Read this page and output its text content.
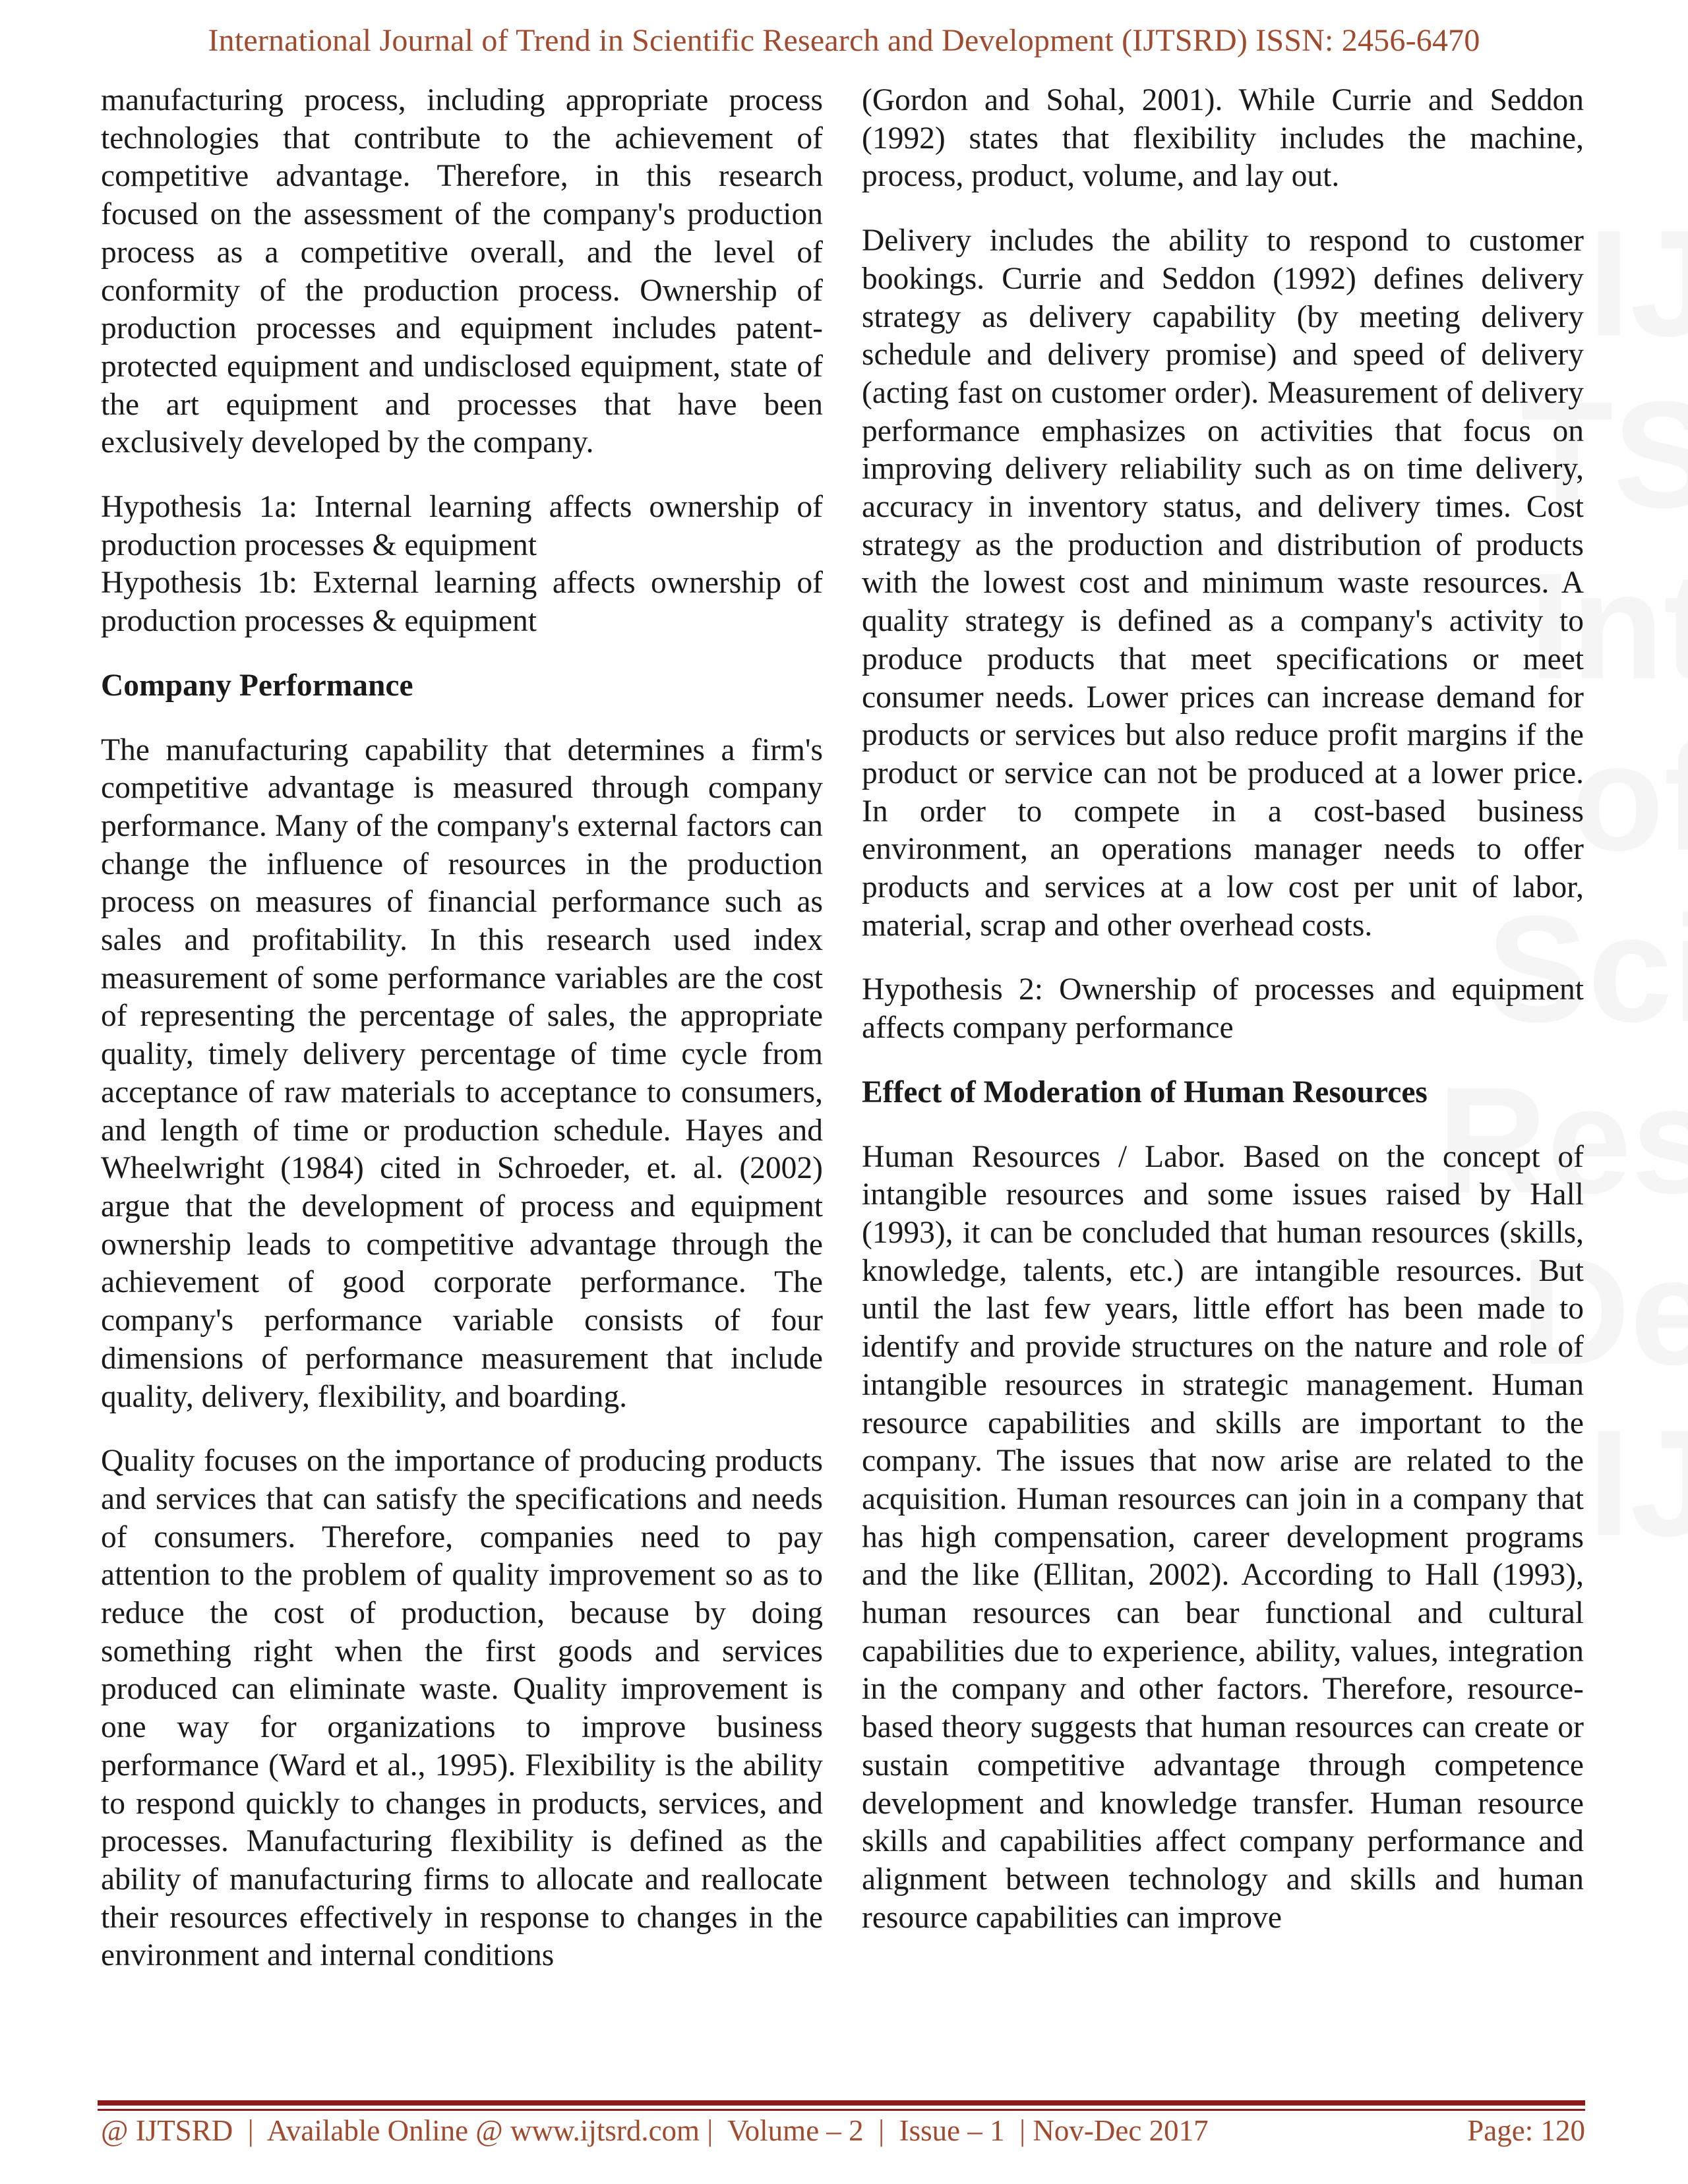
International Journal of Trend in Scientific Research and Development (IJTSRD) ISSN: 2456-6470

manufacturing process, including appropriate process technologies that contribute to the achievement of competitive advantage. Therefore, in this research focused on the assessment of the company's production process as a competitive overall, and the level of conformity of the production process. Ownership of production processes and equipment includes patent-protected equipment and undisclosed equipment, state of the art equipment and processes that have been exclusively developed by the company.

Hypothesis 1a: Internal learning affects ownership of production processes & equipment

Hypothesis 1b: External learning affects ownership of production processes & equipment

Company Performance

The manufacturing capability that determines a firm's competitive advantage is measured through company performance. Many of the company's external factors can change the influence of resources in the production process on measures of financial performance such as sales and profitability. In this research used index measurement of some performance variables are the cost of representing the percentage of sales, the appropriate quality, timely delivery percentage of time cycle from acceptance of raw materials to acceptance to consumers, and length of time or production schedule. Hayes and Wheelwright (1984) cited in Schroeder, et. al. (2002) argue that the development of process and equipment ownership leads to competitive advantage through the achievement of good corporate performance. The company's performance variable consists of four dimensions of performance measurement that include quality, delivery, flexibility, and boarding.

Quality focuses on the importance of producing products and services that can satisfy the specifications and needs of consumers. Therefore, companies need to pay attention to the problem of quality improvement so as to reduce the cost of production, because by doing something right when the first goods and services produced can eliminate waste. Quality improvement is one way for organizations to improve business performance (Ward et al., 1995). Flexibility is the ability to respond quickly to changes in products, services, and processes. Manufacturing flexibility is defined as the ability of manufacturing firms to allocate and reallocate their resources effectively in response to changes in the environment and internal conditions

(Gordon and Sohal, 2001). While Currie and Seddon (1992) states that flexibility includes the machine, process, product, volume, and lay out.

Delivery includes the ability to respond to customer bookings. Currie and Seddon (1992) defines delivery strategy as delivery capability (by meeting delivery schedule and delivery promise) and speed of delivery (acting fast on customer order). Measurement of delivery performance emphasizes on activities that focus on improving delivery reliability such as on time delivery, accuracy in inventory status, and delivery times. Cost strategy as the production and distribution of products with the lowest cost and minimum waste resources. A quality strategy is defined as a company's activity to produce products that meet specifications or meet consumer needs. Lower prices can increase demand for products or services but also reduce profit margins if the product or service can not be produced at a lower price. In order to compete in a cost-based business environment, an operations manager needs to offer products and services at a low cost per unit of labor, material, scrap and other overhead costs.

Hypothesis 2: Ownership of processes and equipment affects company performance

Effect of Moderation of Human Resources

Human Resources / Labor. Based on the concept of intangible resources and some issues raised by Hall (1993), it can be concluded that human resources (skills, knowledge, talents, etc.) are intangible resources. But until the last few years, little effort has been made to identify and provide structures on the nature and role of intangible resources in strategic management. Human resource capabilities and skills are important to the company. The issues that now arise are related to the acquisition. Human resources can join in a company that has high compensation, career development programs and the like (Ellitan, 2002). According to Hall (1993), human resources can bear functional and cultural capabilities due to experience, ability, values, integration in the company and other factors. Therefore, resource-based theory suggests that human resources can create or sustain competitive advantage through competence development and knowledge transfer. Human resource skills and capabilities affect company performance and alignment between technology and skills and human resource capabilities can improve

@ IJTSRD  |  Available Online @ www.ijtsrd.com |  Volume – 2  |  Issue – 1  | Nov-Dec 2017	Page: 120
